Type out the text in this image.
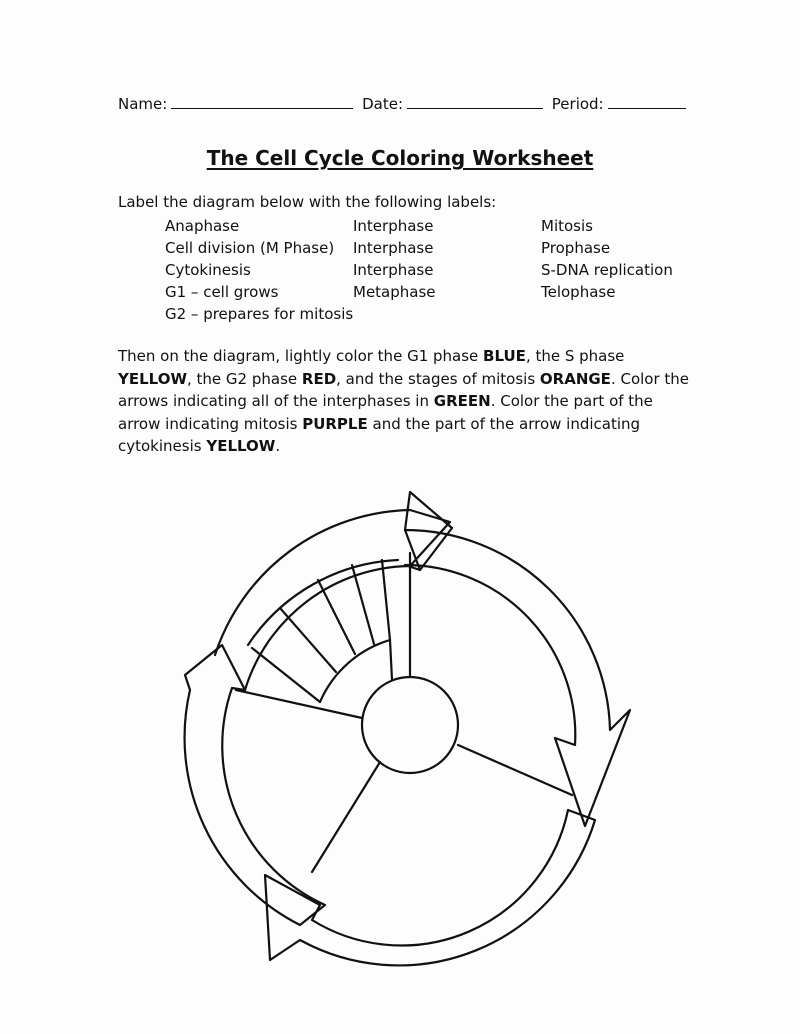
Name:	Date:	Period:
The Cell Cycle Coloring Worksheet
Label the diagram below with the following labels:
Anaphase	Interphase	Mitosis
Cell division (M Phase) Interphase	Prophase
Cytokinesis	Interphase	S-DNA replication
G1 – cell grows	Metaphase	Telophase
G2 – prepares for mitosis
Then on the diagram, lightly color the G1 phase BLUE, the S phase YELLOW, the G2 phase RED, and the stages of mitosis ORANGE. Color the arrows indicating all of the interphases in GREEN. Color the part of the arrow indicating mitosis PURPLE and the part of the arrow indicating cytokinesis YELLOW.
